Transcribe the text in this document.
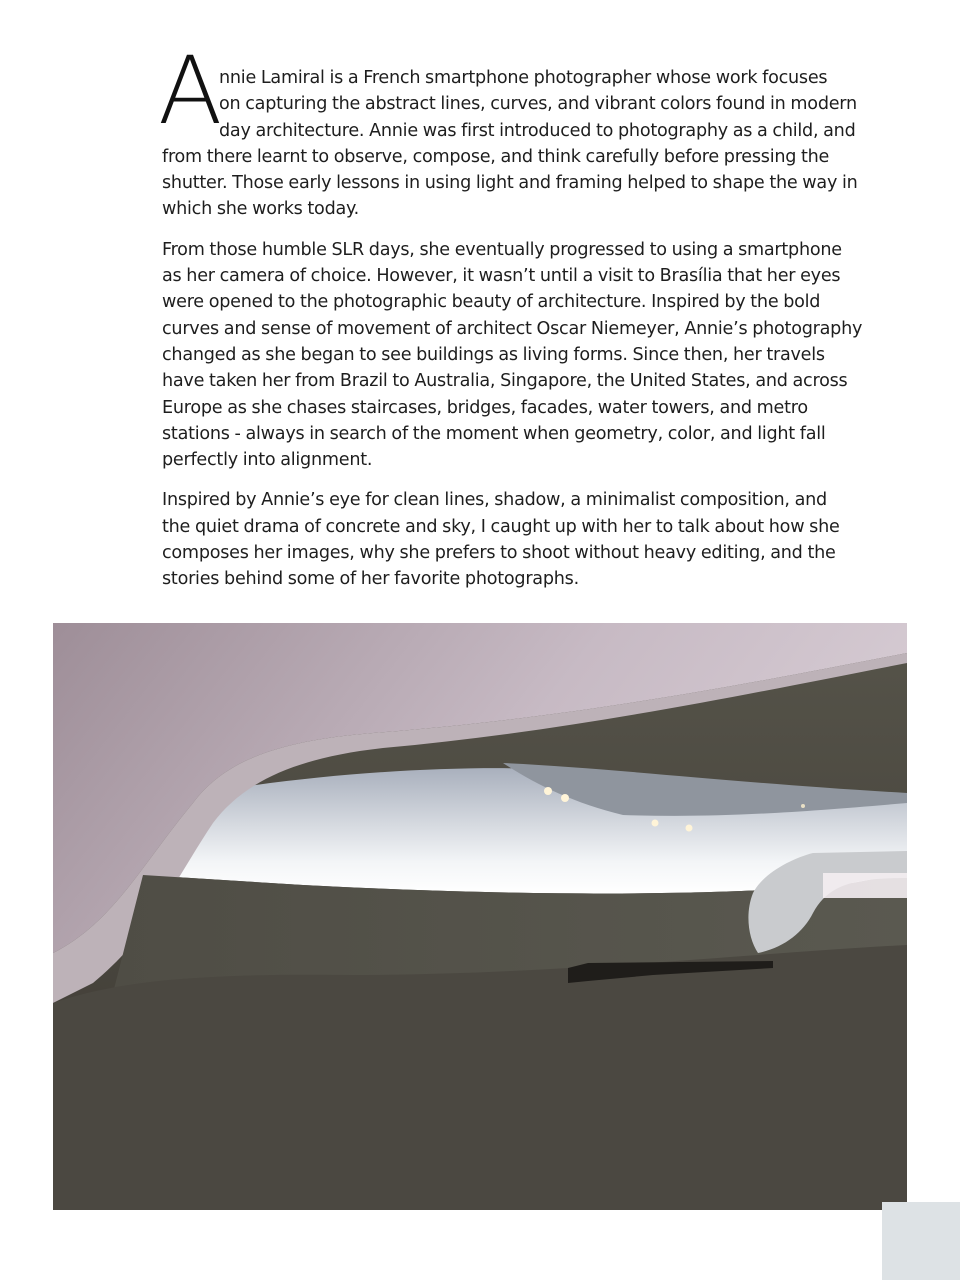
A
nnie Lamiral is a French smartphone photographer whose work focuses
on capturing the abstract lines, curves, and vibrant colors found in modern
day architecture. Annie was first introduced to photography as a child, and
from there learnt to observe, compose, and think carefully before pressing the
shutter. Those early lessons in using light and framing helped to shape the way in
which she works today.

From those humble SLR days, she eventually progressed to using a smartphone
as her camera of choice. However, it wasn’t until a visit to Brasília that her eyes
were opened to the photographic beauty of architecture. Inspired by the bold
curves and sense of movement of architect Oscar Niemeyer, Annie’s photography
changed as she began to see buildings as living forms. Since then, her travels
have taken her from Brazil to Australia, Singapore, the United States, and across
Europe as she chases staircases, bridges, facades, water towers, and metro
stations - always in search of the moment when geometry, color, and light fall
perfectly into alignment.

Inspired by Annie’s eye for clean lines, shadow, a minimalist composition, and
the quiet drama of concrete and sky, I caught up with her to talk about how she
composes her images, why she prefers to shoot without heavy editing, and the
stories behind some of her favorite photographs.
